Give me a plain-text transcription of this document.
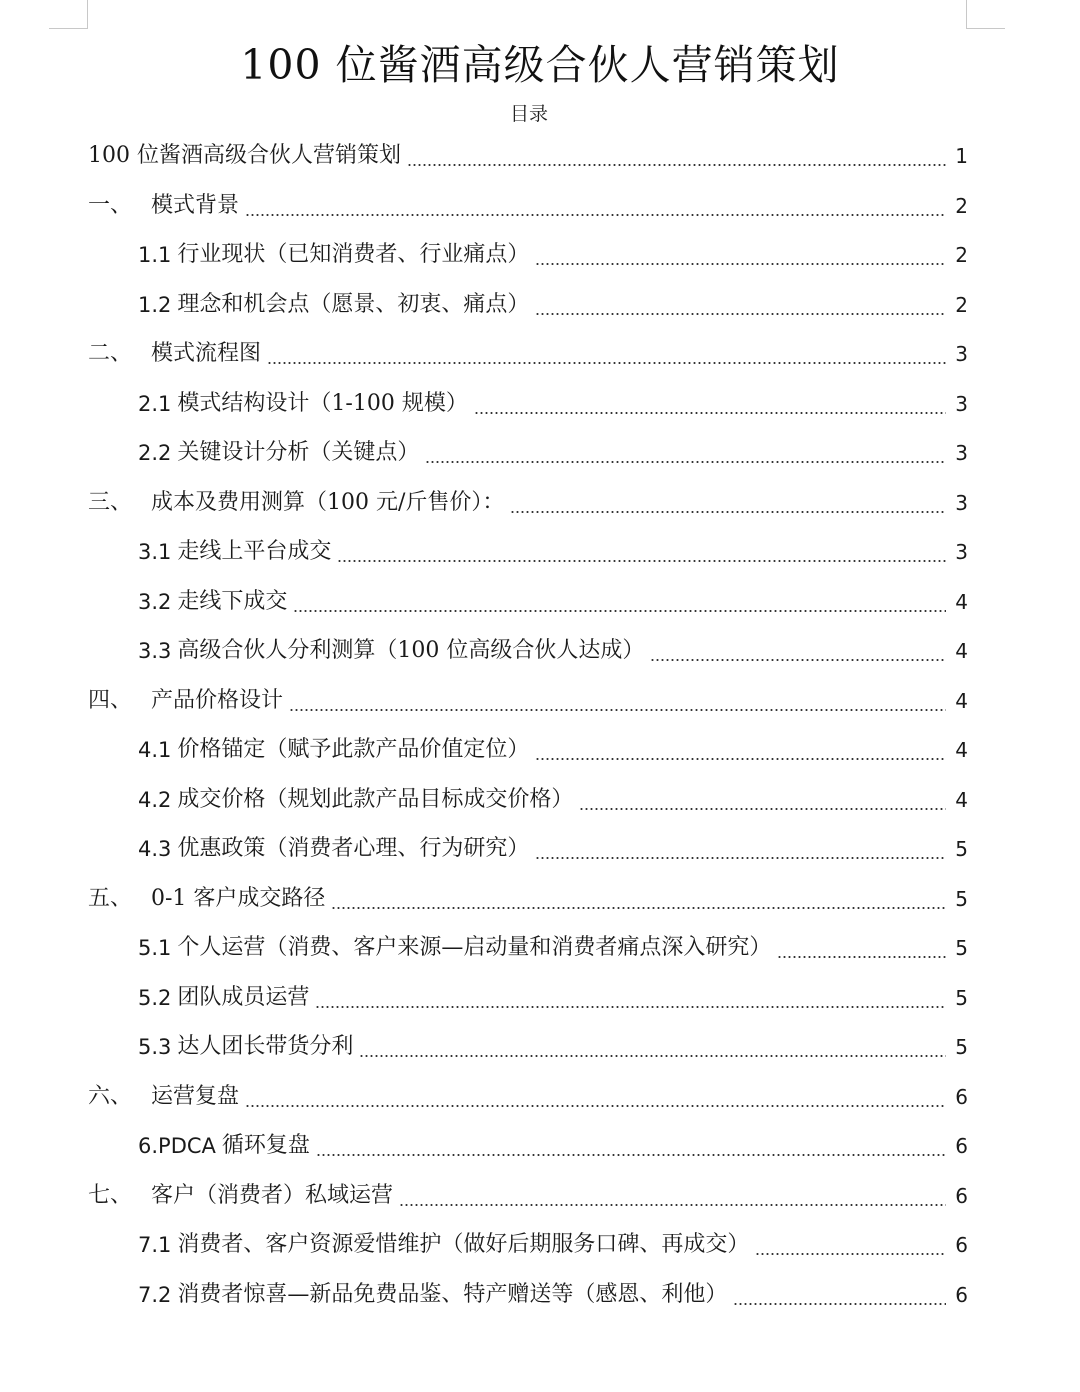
100 位酱酒高级合伙人营销策划
目录
100 位酱酒高级合伙人营销策划	1
一、 模式背景	2
1.1 行业现状（已知消费者、行业痛点）	2
1.2 理念和机会点（愿景、初衷、痛点）	2
二、 模式流程图	3
2.1 模式结构设计（1-100 规模）	3
2.2 关键设计分析（关键点）	3
三、 成本及费用测算（100 元/斤售价）：	3
3.1 走线上平台成交	3
3.2 走线下成交	4
3.3 高级合伙人分利测算（100 位高级合伙人达成）	4
四、 产品价格设计	4
4.1 价格锚定（赋予此款产品价值定位）	4
4.2 成交价格（规划此款产品目标成交价格）	4
4.3 优惠政策（消费者心理、行为研究）	5
五、 0-1 客户成交路径	5
5.1 个人运营（消费、客户来源—启动量和消费者痛点深入研究）	5
5.2 团队成员运营	5
5.3 达人团长带货分利	5
六、 运营复盘	6
6.PDCA 循环复盘	6
七、 客户（消费者）私域运营	6
7.1 消费者、客户资源爱惜维护（做好后期服务口碑、再成交）	6
7.2 消费者惊喜—新品免费品鉴、特产赠送等（感恩、利他）	6
